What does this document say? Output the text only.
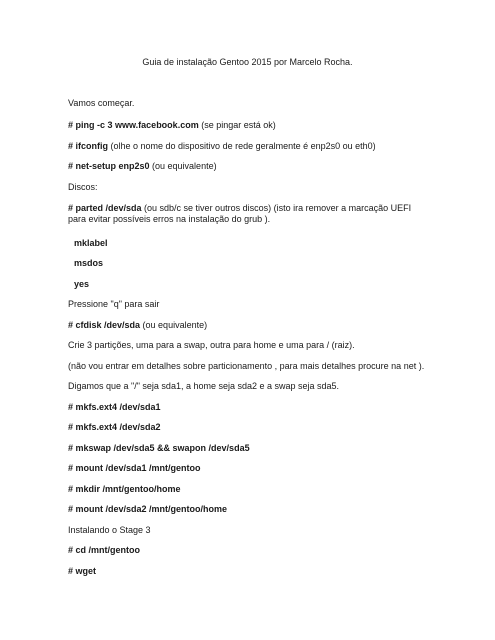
Guia de instalação Gentoo 2015 por Marcelo Rocha.
Vamos começar.
# ping -c 3 www.facebook.com (se pingar está ok)
# ifconfig (olhe o nome do dispositivo de rede geralmente é enp2s0 ou eth0)
# net-setup enp2s0 (ou equivalente)
Discos:
# parted /dev/sda (ou sdb/c se tiver outros discos) (isto ira remover a marcação UEFI para evitar possíveis erros na instalação do grub ).
mklabel
msdos
yes
Pressione "q" para sair
# cfdisk /dev/sda (ou equivalente)
Crie 3 partições, uma para a swap, outra para home e uma para / (raiz).
(não vou entrar em detalhes sobre particionamento , para mais detalhes procure na net ).
Digamos que a "/" seja sda1, a home seja sda2 e a swap seja sda5.
# mkfs.ext4 /dev/sda1
# mkfs.ext4 /dev/sda2
# mkswap /dev/sda5 && swapon /dev/sda5
# mount /dev/sda1 /mnt/gentoo
# mkdir /mnt/gentoo/home
# mount /dev/sda2 /mnt/gentoo/home
Instalando o Stage 3
# cd /mnt/gentoo
# wget
